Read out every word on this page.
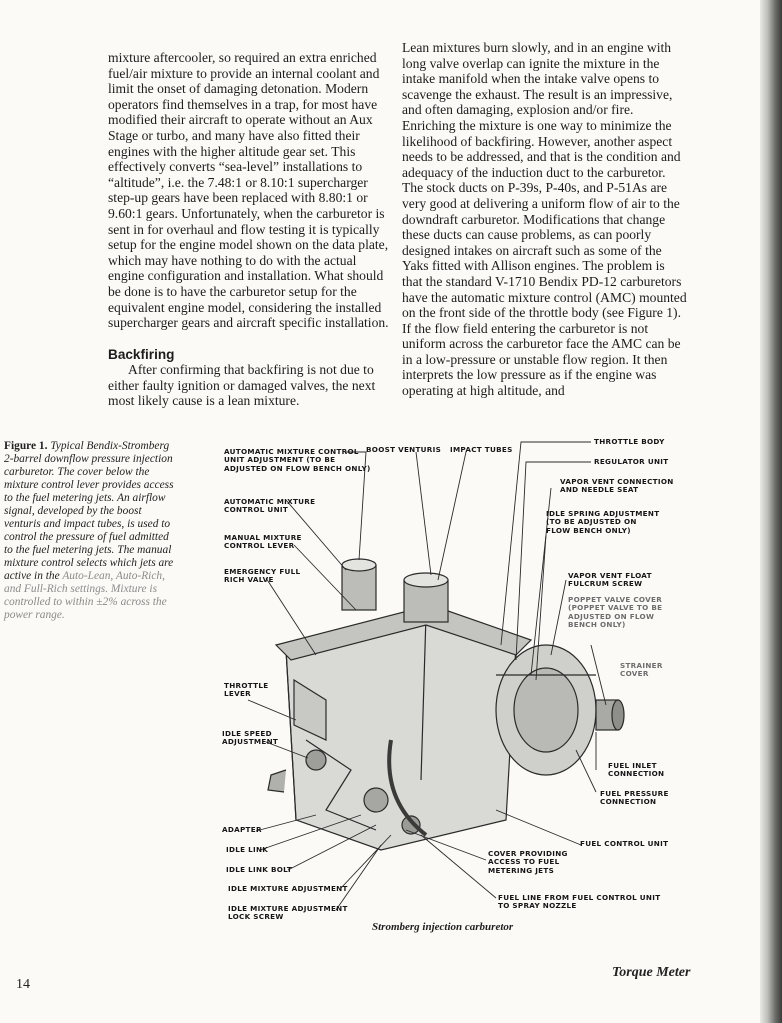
mixture aftercooler, so required an extra enriched fuel/air mixture to provide an internal coolant and limit the onset of damaging detonation. Modern operators find themselves in a trap, for most have modified their aircraft to operate without an Aux Stage or turbo, and many have also fitted their engines with the higher altitude gear set. This effectively converts “sea-level” installations to “altitude”, i.e. the 7.48:1 or 8.10:1 supercharger step-up gears have been replaced with 8.80:1 or 9.60:1 gears. Unfortunately, when the carburetor is sent in for overhaul and flow testing it is typically setup for the engine model shown on the data plate, which may have nothing to do with the actual engine configuration and installation. What should be done is to have the carburetor setup for the equivalent engine model, considering the installed supercharger gears and aircraft specific installation.

Backfiring

After confirming that backfiring is not due to either faulty ignition or damaged valves, the next most likely cause is a lean mixture.

Lean mixtures burn slowly, and in an engine with long valve overlap can ignite the mixture in the intake manifold when the intake valve opens to scavenge the exhaust. The result is an impressive, and often damaging, explosion and/or fire. Enriching the mixture is one way to minimize the likelihood of backfiring. However, another aspect needs to be addressed, and that is the condition and adequacy of the induction duct to the carburetor. The stock ducts on P-39s, P-40s, and P-51As are very good at delivering a uniform flow of air to the downdraft carburetor. Modifications that change these ducts can cause problems, as can poorly designed intakes on aircraft such as some of the Yaks fitted with Allison engines. The problem is that the standard V-1710 Bendix PD-12 carburetors have the automatic mixture control (AMC) mounted on the front side of the throttle body (see Figure 1). If the flow field entering the carburetor is not uniform across the carburetor face the AMC can be in a low-pressure or unstable flow region. It then interprets the low pressure as if the engine was operating at high altitude, and

Figure 1. Typical Bendix-Stromberg 2-barrel downflow pressure injection carburetor. The cover below the mixture control lever provides access to the fuel metering jets. An airflow signal, developed by the boost venturis and impact tubes, is used to control the pressure of fuel admitted to the fuel metering jets. The manual mixture control selects which jets are active in the Auto-Lean, Auto-Rich, and Full-Rich settings. Mixture is controlled to within ±2% across the power range.
AUTOMATIC MIXTURE CONTROL
UNIT ADJUSTMENT (TO BE
ADJUSTED ON FLOW BENCH ONLY)
BOOST VENTURIS IMPACT TUBES
THROTTLE BODY
REGULATOR UNIT
VAPOR VENT CONNECTION
AND NEEDLE SEAT
AUTOMATIC MIXTURE
CONTROL UNIT	IDLE SPRING ADJUSTMENT
(TO BE ADJUSTED ON
FLOW BENCH ONLY)
MANUAL MIXTURE
CONTROL LEVER
EMERGENCY FULL
RICH VALVE	VAPOR VENT FLOAT
FULCRUM SCREW
POPPET VALVE COVER
(POPPET VALVE TO BE
ADJUSTED ON FLOW
BENCH ONLY)
STRAINER
COVER
THROTTLE
LEVER
IDLE SPEED
ADJUSTMENT
FUEL INLET
CONNECTION
FUEL PRESSURE
CONNECTION
ADAPTER
IDLE LINK
FUEL CONTROL UNIT
IDLE LINK BOLT
COVER PROVIDING
ACCESS TO FUEL
METERING JETS
IDLE MIXTURE ADJUSTMENT
IDLE MIXTURE ADJUSTMENT
LOCK SCREW
FUEL LINE FROM FUEL CONTROL UNIT
TO SPRAY NOZZLE
Stromberg injection carburetor
14
Torque Meter
